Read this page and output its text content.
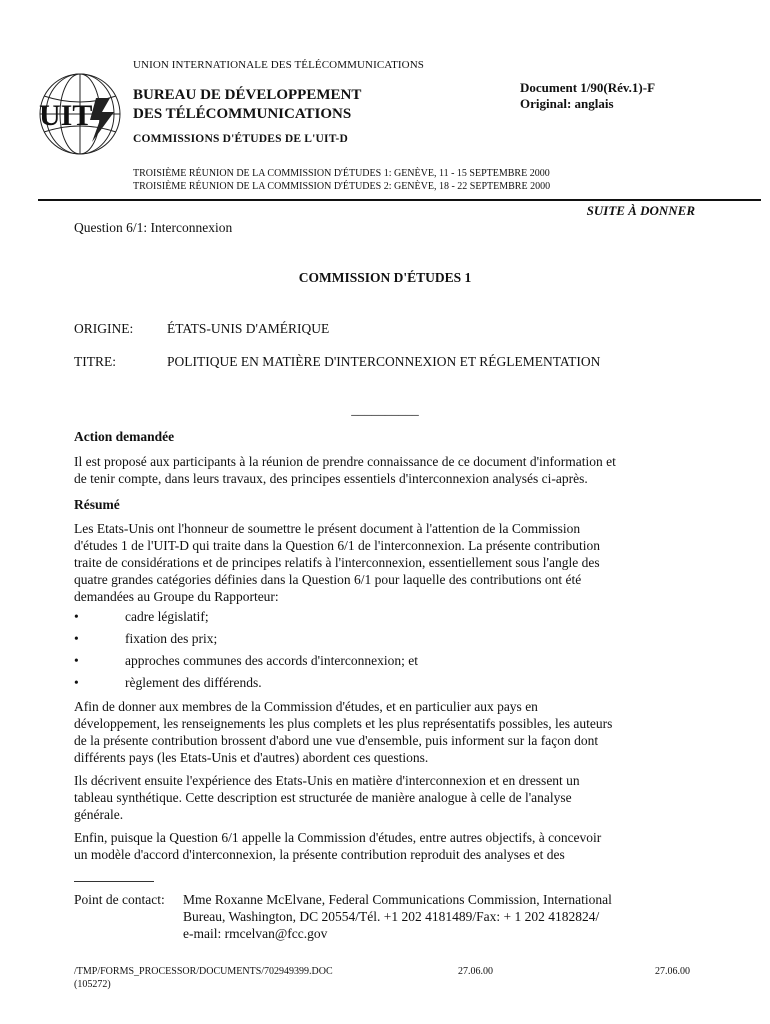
UIT
UNION INTERNATIONALE DES TÉLÉCOMMUNICATIONS
BUREAU DE DÉVELOPPEMENT
DES TÉLÉCOMMUNICATIONS
COMMISSIONS D'ÉTUDES DE L'UIT-D
Document 1/90(Rév.1)-F
Original: anglais
TROISIÈME RÉUNION DE LA COMMISSION D'ÉTUDES 1: GENÈVE, 11 - 15 SEPTEMBRE 2000
TROISIÈME RÉUNION DE LA COMMISSION D'ÉTUDES 2: GENÈVE, 18 - 22 SEPTEMBRE 2000
SUITE À DONNER
Question 6/1: Interconnexion
COMMISSION D'ÉTUDES 1
ORIGINE:	ÉTATS-UNIS D'AMÉRIQUE
TITRE:	POLITIQUE EN MATIÈRE D'INTERCONNEXION ET RÉGLEMENTATION
__________
Action demandée
Il est proposé aux participants à la réunion de prendre connaissance de ce document d'information et
de tenir compte, dans leurs travaux, des principes essentiels d'interconnexion analysés ci-après.
Résumé
Les Etats-Unis ont l'honneur de soumettre le présent document à l'attention de la Commission
d'études 1 de l'UIT-D qui traite dans la Question 6/1 de l'interconnexion. La présente contribution
traite de considérations et de principes relatifs à l'interconnexion, essentiellement sous l'angle des
quatre grandes catégories définies dans la Question 6/1 pour laquelle des contributions ont été
demandées au Groupe du Rapporteur:
•	cadre législatif;
•	fixation des prix;
•	approches communes des accords d'interconnexion; et
•	règlement des différends.
Afin de donner aux membres de la Commission d'études, et en particulier aux pays en
développement, les renseignements les plus complets et les plus représentatifs possibles, les auteurs
de la présente contribution brossent d'abord une vue d'ensemble, puis informent sur la façon dont
différents pays (les Etats-Unis et d'autres) abordent ces questions.
Ils décrivent ensuite l'expérience des Etats-Unis en matière d'interconnexion et en dressent un
tableau synthétique. Cette description est structurée de manière analogue à celle de l'analyse
générale.
Enfin, puisque la Question 6/1 appelle la Commission d'études, entre autres objectifs, à concevoir
un modèle d'accord d'interconnexion, la présente contribution reproduit des analyses et des
Point de contact: Mme Roxanne McElvane, Federal Communications Commission, International
Bureau, Washington, DC 20554/Tél. +1 202 4181489/Fax: + 1 202 4182824/
e-mail: rmcelvan@fcc.gov
/TMP/FORMS_PROCESSOR/DOCUMENTS/702949399.DOC
(105272)
27.06.00	27.06.00
